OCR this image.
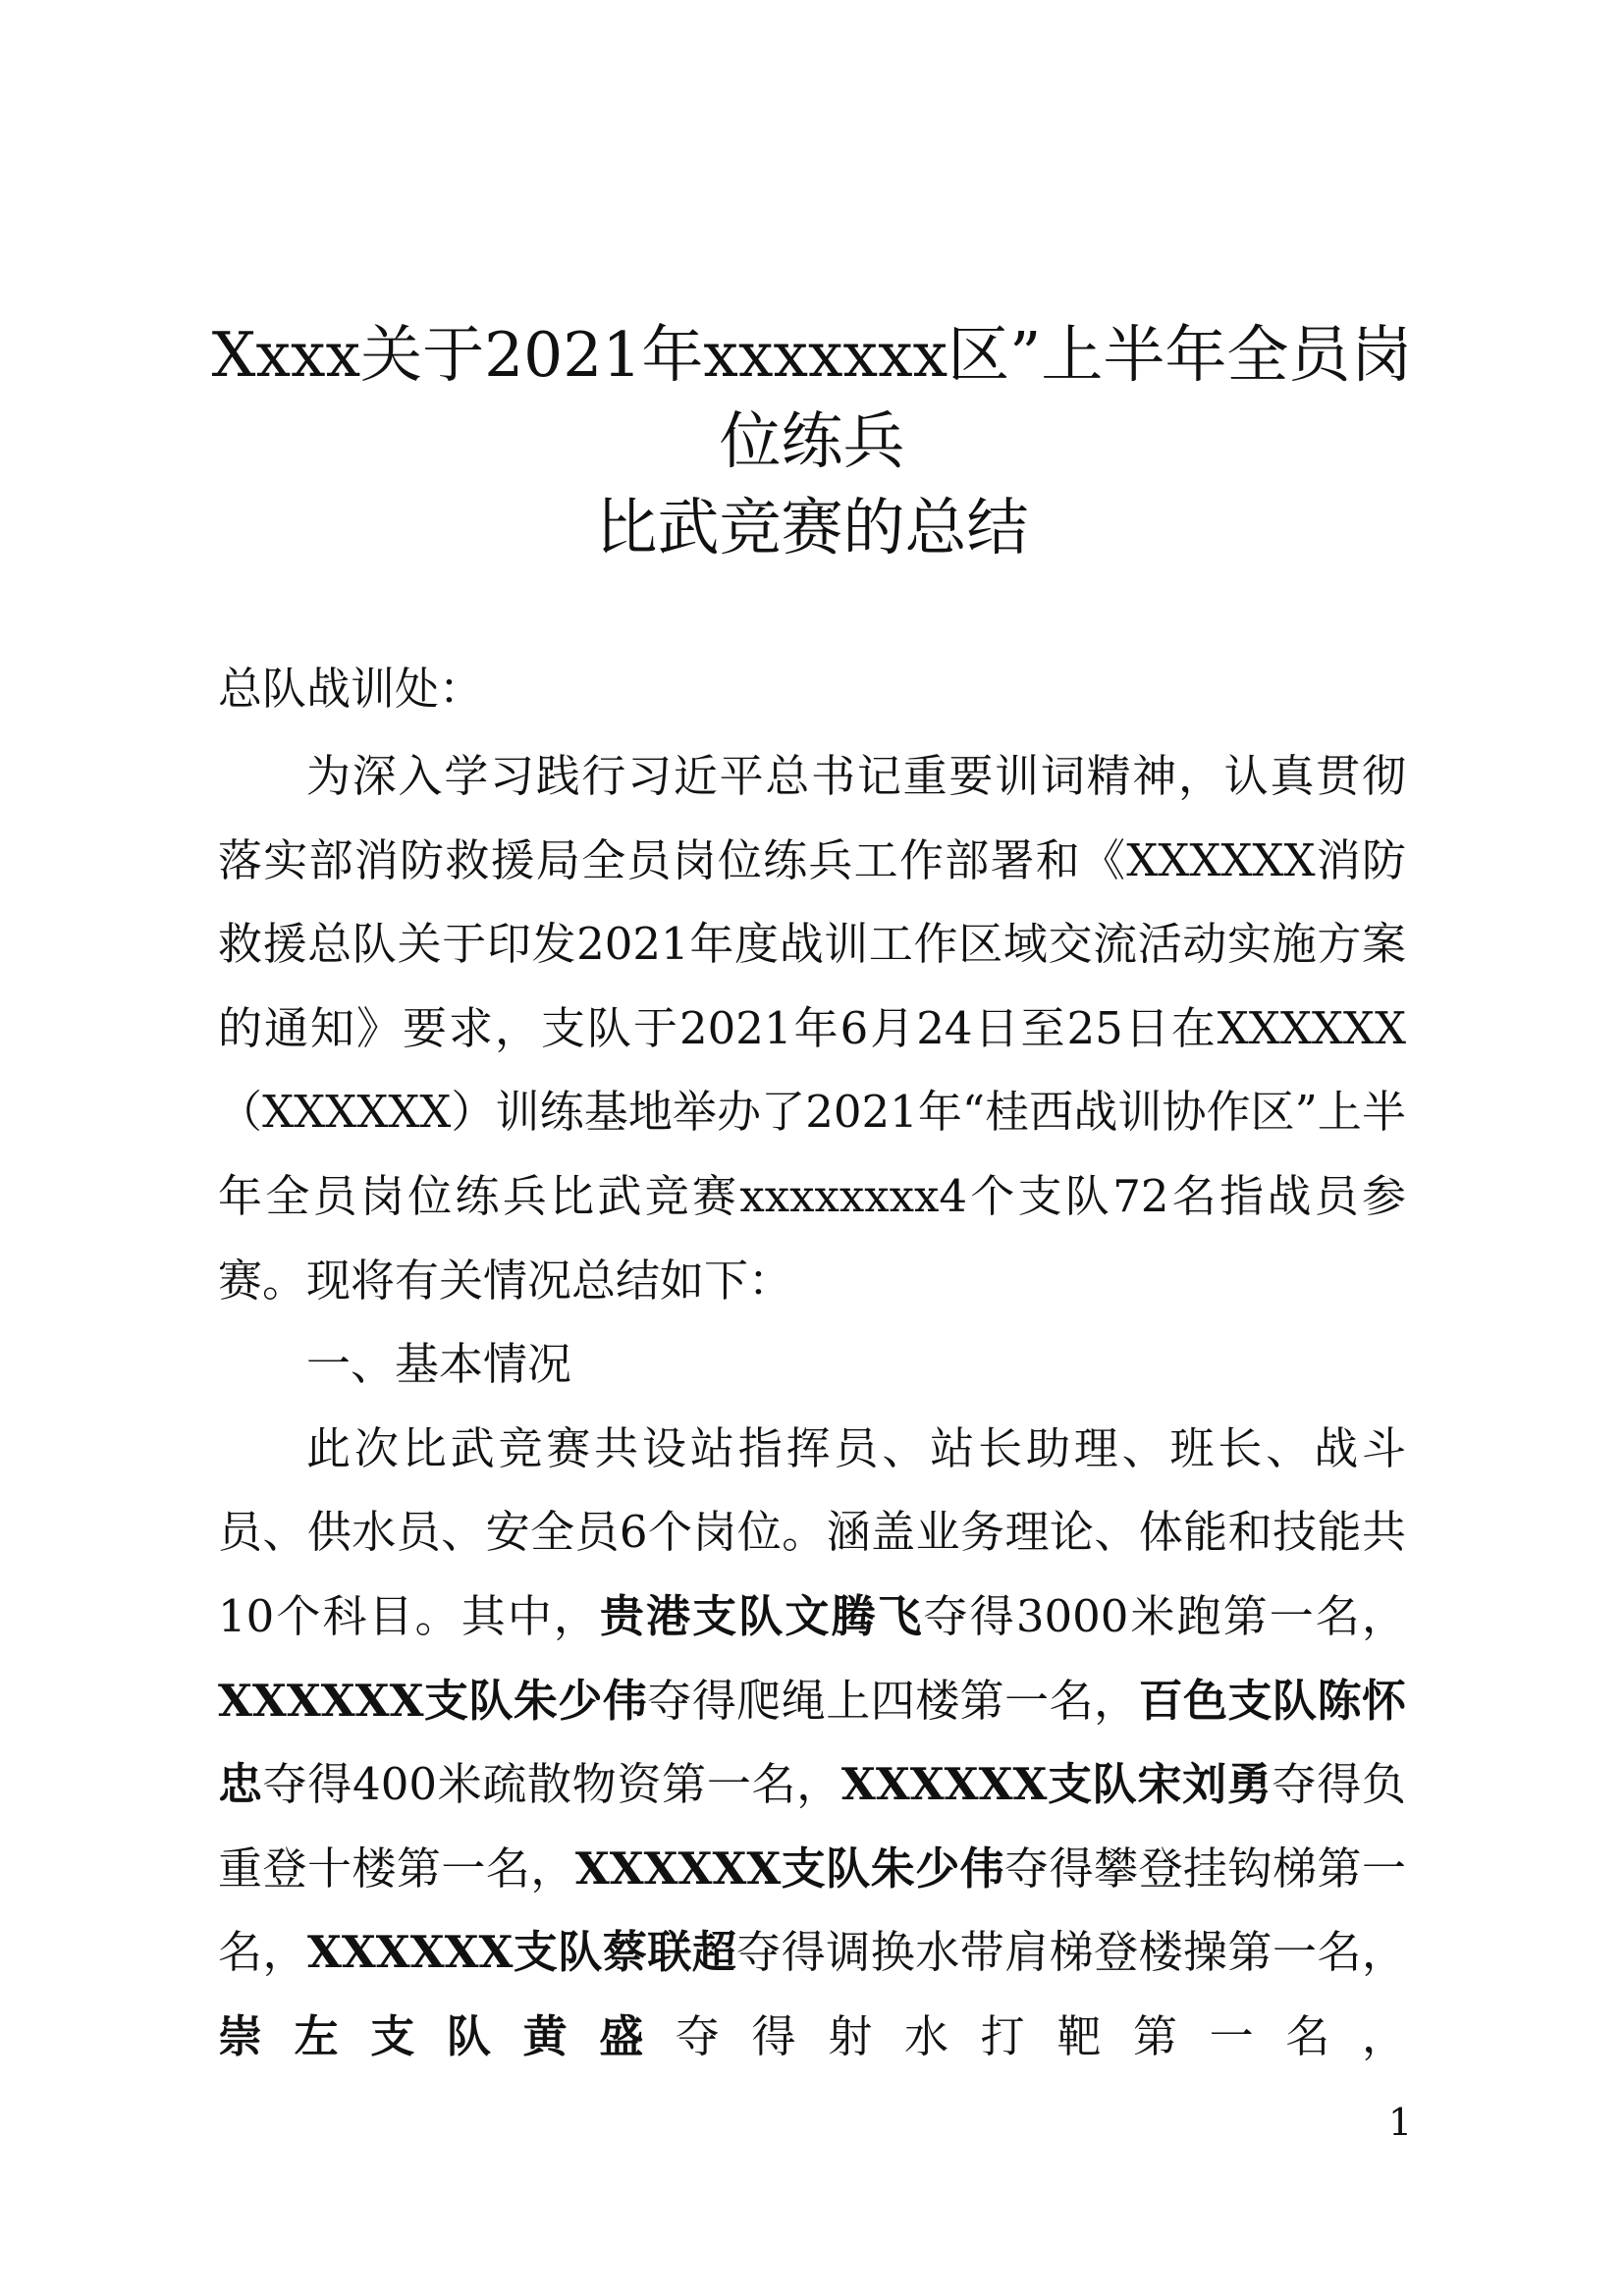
Xxxx关于2021年xxxxxxx区”上半年全员岗
位练兵
比武竞赛的总结
总队战训处：

为深入学习践行习近平总书记重要训词精神，认真贯彻落实部消防救援局全员岗位练兵工作部署和《XXXXXX消防救援总队关于印发2021年度战训工作区域交流活动实施方案的通知》要求，支队于2021年6月24日至25日在XXXXXX（XXXXXX）训练基地举办了2021年“桂西战训协作区”上半年全员岗位练兵比武竞赛xxxxxxxx4个支队72名指战员参赛。现将有关情况总结如下：

一、基本情况

此次比武竞赛共设站指挥员、站长助理、班长、战斗员、供水员、安全员6个岗位。涵盖业务理论、体能和技能共10个科目。其中，贵港支队文腾飞夺得3000米跑第一名，XXXXXX支队朱少伟夺得爬绳上四楼第一名，百色支队陈怀忠夺得400米疏散物资第一名，XXXXXX支队宋刘勇夺得负重登十楼第一名，XXXXXX支队朱少伟夺得攀登挂钩梯第一名，XXXXXX支队蔡联超夺得调换水带肩梯登楼操第一名，崇左支队黄盛夺得射水打靶第一名，

1
